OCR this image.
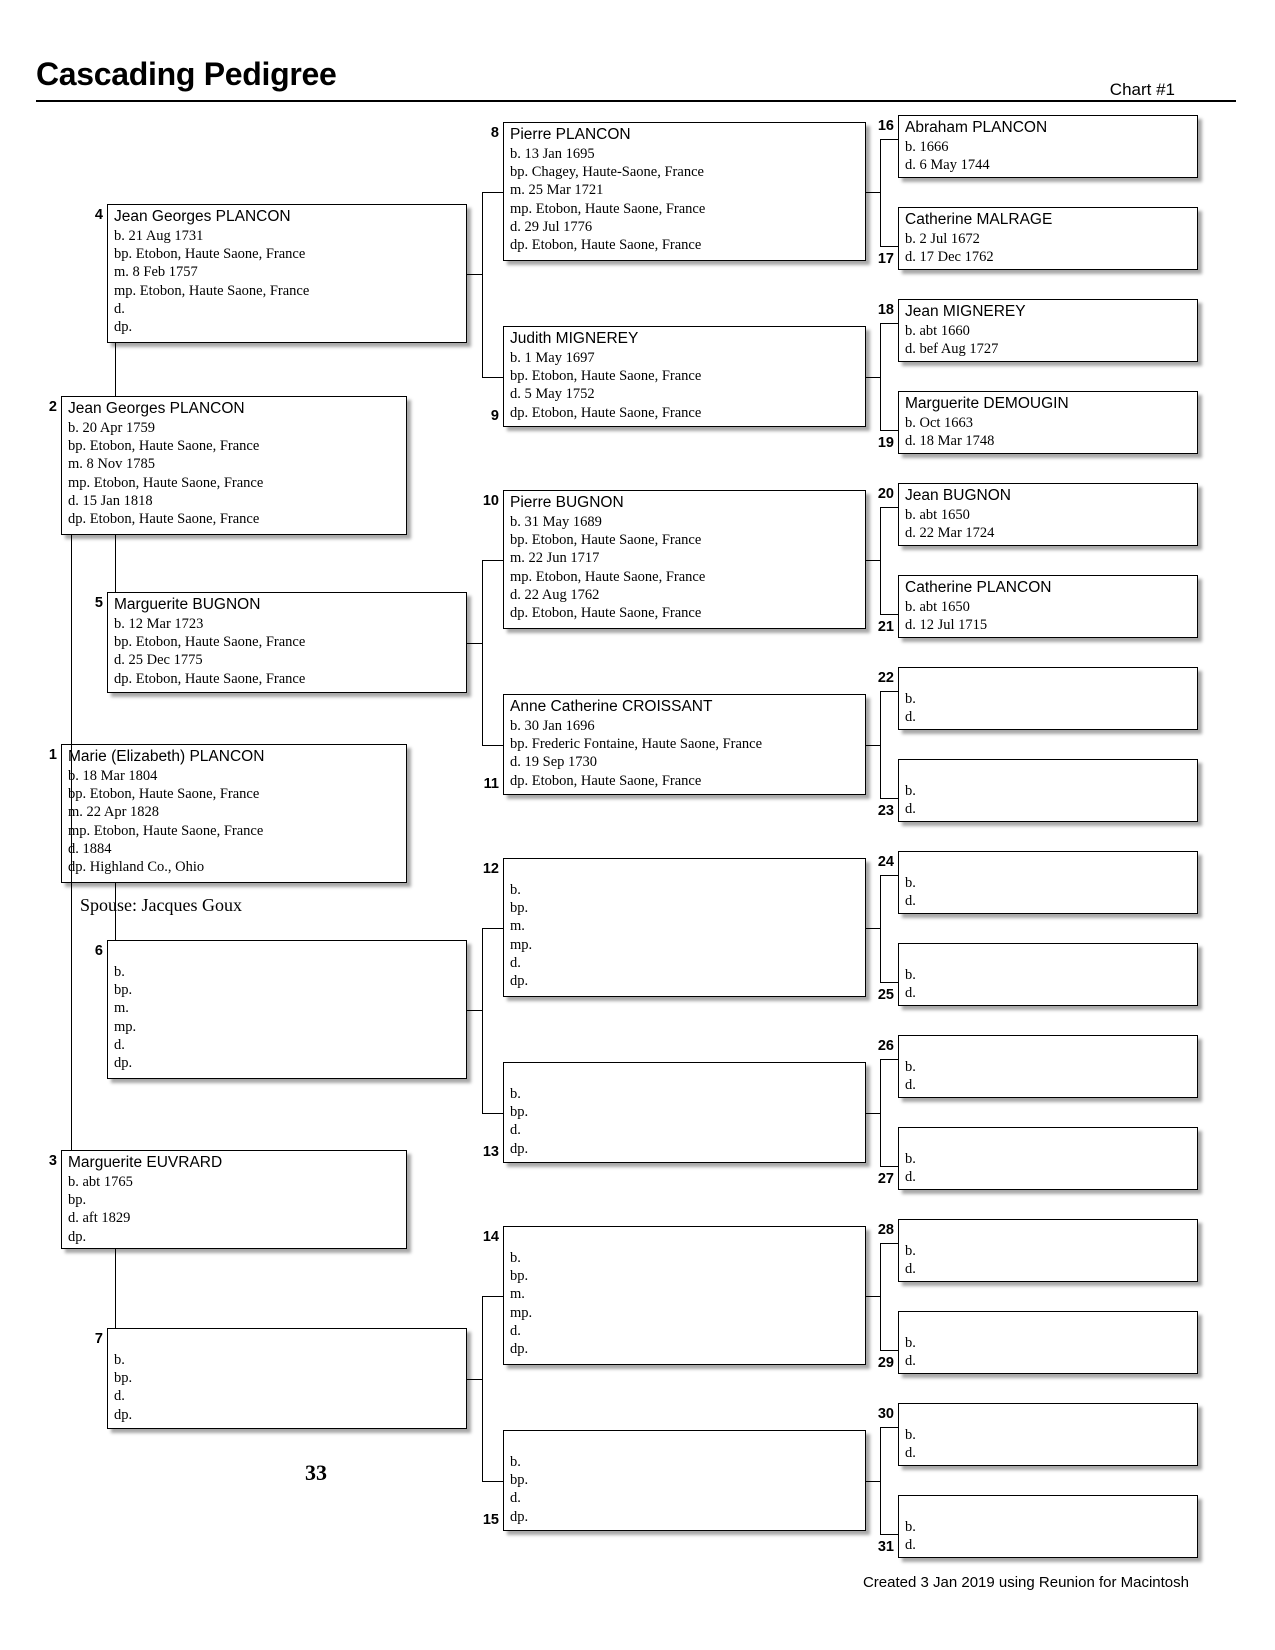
Cascading Pedigree	Chart #1
Marie (Elizabeth) PLANCON
b. 18 Mar 1804
bp. Etobon, Haute Saone, France
m. 22 Apr 1828
mp. Etobon, Haute Saone, France
d. 1884
dp. Highland Co., Ohio
1
Jean Georges PLANCON
b. 20 Apr 1759
bp. Etobon, Haute Saone, France
m. 8 Nov 1785
mp. Etobon, Haute Saone, France
d. 15 Jan 1818
dp. Etobon, Haute Saone, France
2
Marguerite EUVRARD
b. abt 1765
bp.
d. aft 1829
dp.
3
Jean Georges PLANCON
b. 21 Aug 1731
bp. Etobon, Haute Saone, France
m. 8 Feb 1757
mp. Etobon, Haute Saone, France
d.
dp.
4
Marguerite BUGNON
b. 12 Mar 1723
bp. Etobon, Haute Saone, France
d. 25 Dec 1775
dp. Etobon, Haute Saone, France
5

b.
bp.
m.
mp.
d.
dp.
6

b.
bp.
d.
dp.
7
Pierre PLANCON
b. 13 Jan 1695
bp. Chagey, Haute-Saone, France
m. 25 Mar 1721
mp. Etobon, Haute Saone, France
d. 29 Jul 1776
dp. Etobon, Haute Saone, France
8
Judith MIGNEREY
b. 1 May 1697
bp. Etobon, Haute Saone, France
d. 5 May 1752
dp. Etobon, Haute Saone, France
9
Pierre BUGNON
b. 31 May 1689
bp. Etobon, Haute Saone, France
m. 22 Jun 1717
mp. Etobon, Haute Saone, France
d. 22 Aug 1762
dp. Etobon, Haute Saone, France
10
Anne Catherine CROISSANT
b. 30 Jan 1696
bp. Frederic Fontaine, Haute Saone, France
d. 19 Sep 1730
dp. Etobon, Haute Saone, France
11

b.
bp.
m.
mp.
d.
dp.
12

b.
bp.
d.
dp.
13

b.
bp.
m.
mp.
d.
dp.
14

b.
bp.
d.
dp.
15
Abraham PLANCON
b. 1666
d. 6 May 1744
16
Catherine MALRAGE
b. 2 Jul 1672
d. 17 Dec 1762
17
Jean MIGNEREY
b. abt 1660
d. bef Aug 1727
18
Marguerite DEMOUGIN
b. Oct 1663
d. 18 Mar 1748
19
Jean BUGNON
b. abt 1650
d. 22 Mar 1724
20
Catherine PLANCON
b. abt 1650
d. 12 Jul 1715
21

b.
d.
22

b.
d.
23

b.
d.
24

b.
d.
25

b.
d.
26

b.
d.
27

b.
d.
28

b.
d.
29

b.
d.
30

b.
d.
31
Spouse: Jacques Goux
33
Created 3 Jan 2019 using Reunion for Macintosh
